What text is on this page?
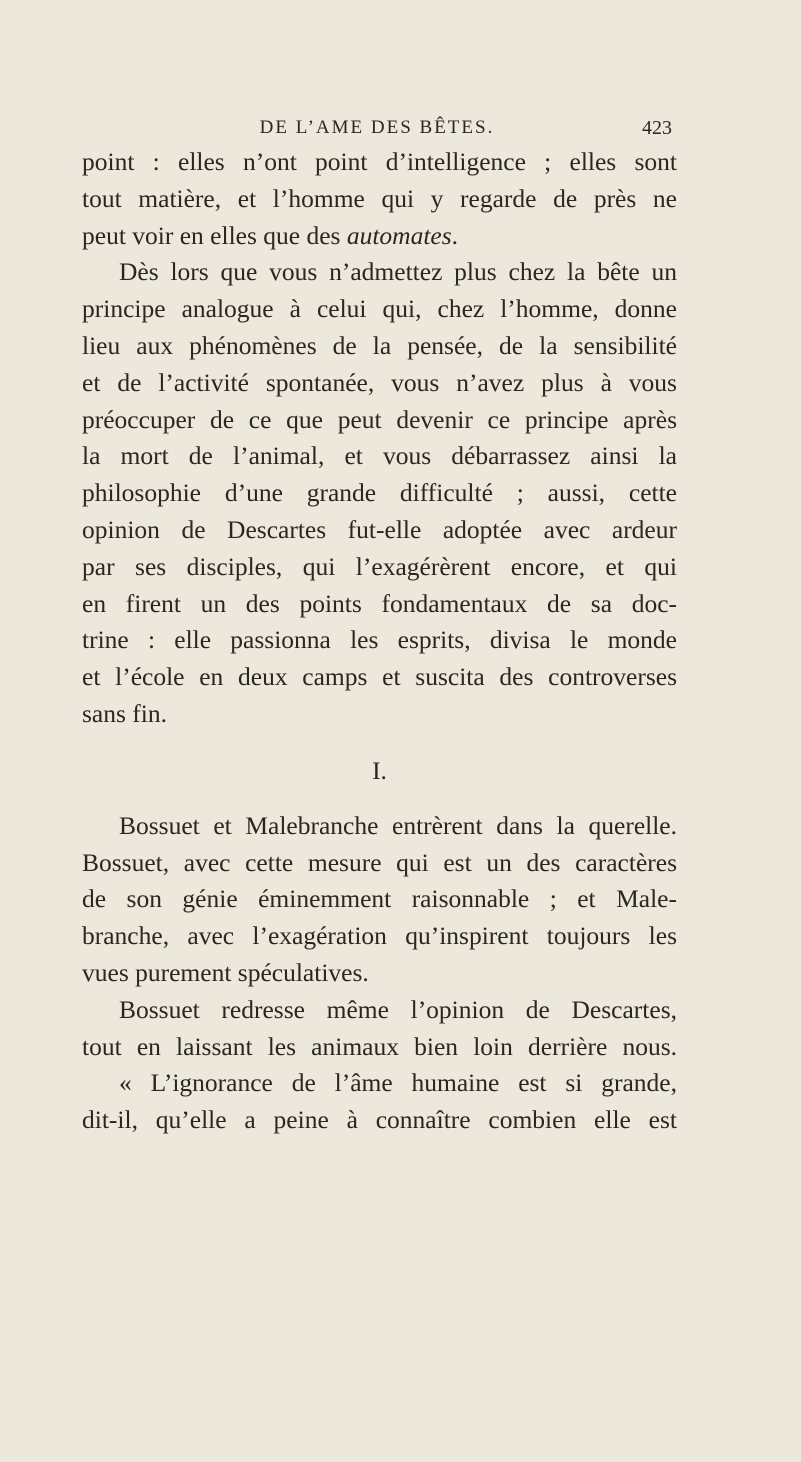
DE L’AME DES BÊTES.	423
point : elles n’ont point d’intelligence ; elles sont
tout matière, et l’homme qui y regarde de près ne
peut voir en elles que des automates.
Dès lors que vous n’admettez plus chez la bête un
principe analogue à celui qui, chez l’homme, donne
lieu aux phénomènes de la pensée, de la sensibilité
et de l’activité spontanée, vous n’avez plus à vous
préoccuper de ce que peut devenir ce principe après
la mort de l’animal, et vous débarrassez ainsi la
philosophie d’une grande difficulté ; aussi, cette
opinion de Descartes fut-elle adoptée avec ardeur
par ses disciples, qui l’exagérèrent encore, et qui
en firent un des points fondamentaux de sa doc-
trine : elle passionna les esprits, divisa le monde
et l’école en deux camps et suscita des controverses
sans fin.
I.
Bossuet et Malebranche entrèrent dans la querelle.
Bossuet, avec cette mesure qui est un des caractères
de son génie éminemment raisonnable ; et Male-
branche, avec l’exagération qu’inspirent toujours les
vues purement spéculatives.
Bossuet redresse même l’opinion de Descartes,
tout en laissant les animaux bien loin derrière nous.
« L’ignorance de l’âme humaine est si grande,
dit-il, qu’elle a peine à connaître combien elle est
